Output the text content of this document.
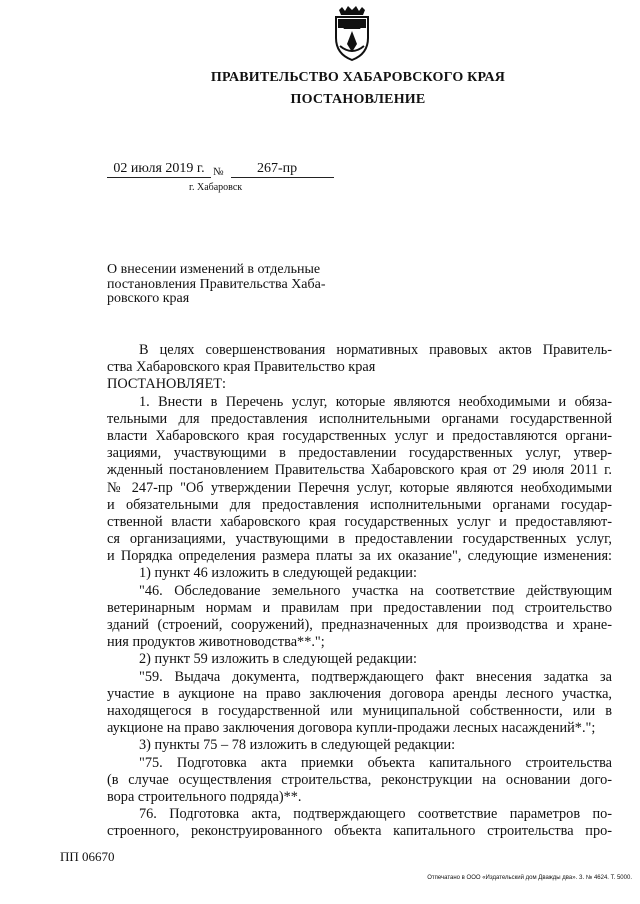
ПРАВИТЕЛЬСТВО ХАБАРОВСКОГО КРАЯ
ПОСТАНОВЛЕНИЕ
02 июля 2019 г. №	267-пр
г. Хабаровск
О внесении изменений в отдельные
постановления Правительства Хаба-
ровского края
В целях совершенствования нормативных правовых актов Правитель-
ства Хабаровского края Правительство края
ПОСТАНОВЛЯЕТ:
1. Внести в Перечень услуг, которые являются необходимыми и обяза-
тельными для предоставления исполнительными органами государственной
власти Хабаровского края государственных услуг и предоставляются органи-
зациями, участвующими в предоставлении государственных услуг, утвер-
жденный постановлением Правительства Хабаровского края от 29 июля 2011 г.
№ 247-пр "Об утверждении Перечня услуг, которые являются необходимыми
и обязательными для предоставления исполнительными органами государ-
ственной власти хабаровского края государственных услуг и предоставляют-
ся организациями, участвующими в предоставлении государственных услуг,
и Порядка определения размера платы за их оказание", следующие изменения:
1) пункт 46 изложить в следующей редакции:
"46. Обследование земельного участка на соответствие действующим
ветеринарным нормам и правилам при предоставлении под строительство
зданий (строений, сооружений), предназначенных для производства и хране-
ния продуктов животноводства**.";
2) пункт 59 изложить в следующей редакции:
"59. Выдача документа, подтверждающего факт внесения задатка за
участие в аукционе на право заключения договора аренды лесного участка,
находящегося в государственной или муниципальной собственности, или в
аукционе на право заключения договора купли-продажи лесных насаждений*.";
3) пункты 75 – 78 изложить в следующей редакции:
"75. Подготовка акта приемки объекта капитального строительства
(в случае осуществления строительства, реконструкции на основании дого-
вора строительного подряда)**.
76. Подготовка акта, подтверждающего соответствие параметров по-
строенного, реконструированного объекта капитального строительства про-
ПП 06670
Отпечатано в ООО «Издательский дом Дважды два». З. № 4624. Т. 5000.
